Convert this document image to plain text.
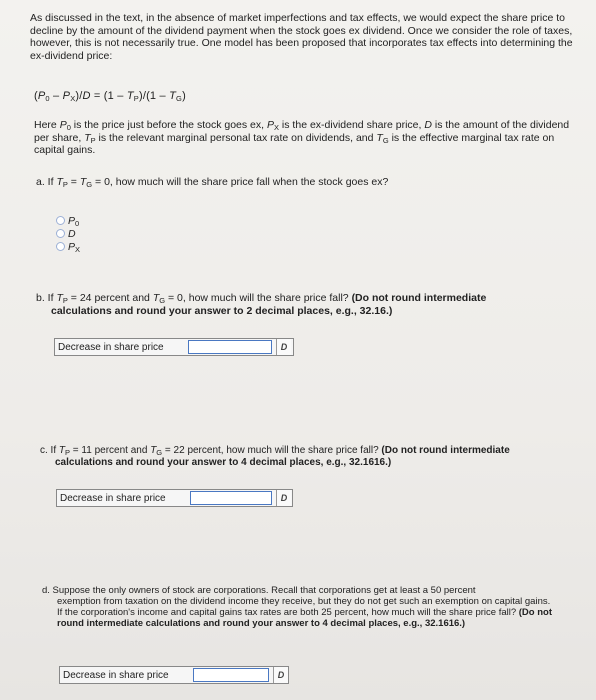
As discussed in the text, in the absence of market imperfections and tax effects, we would expect the share price to decline by the amount of the dividend payment when the stock goes ex dividend. Once we consider the role of taxes, however, this is not necessarily true. One model has been proposed that incorporates tax effects into determining the ex-dividend price:
$(P_0 - P_X)/D = (1 - T_P)/(1 - T_G)$
Here $P_0$ is the price just before the stock goes ex, $P_X$ is the ex-dividend share price, D is the amount of the dividend per share, $T_P$ is the relevant marginal personal tax rate on dividends, and $T_G$ is the effective marginal tax rate on capital gains.
a. If $T_P = T_G = 0$, how much will the share price fall when the stock goes ex?
$P_0$
D
$P_X$
b. If $T_P = 24$ percent and $T_G = 0$, how much will the share price fall? (Do not round intermediate
calculations and round your answer to 2 decimal places, e.g., 32.16.)
Decrease in share price	D
c. If $T_P = 11$ percent and $T_G = 22$ percent, how much will the share price fall? (Do not round intermediate
calculations and round your answer to 4 decimal places, e.g., 32.1616.)
Decrease in share price	D
d. Suppose the only owners of stock are corporations. Recall that corporations get at least a 50 percent
exemption from taxation on the dividend income they receive, but they do not get such an exemption on capital gains. If the corporation's income and capital gains tax rates are both 25 percent, how much will the share price fall? (Do not round intermediate calculations and round your answer to 4 decimal places, e.g., 32.1616.)
Decrease in share price	D
